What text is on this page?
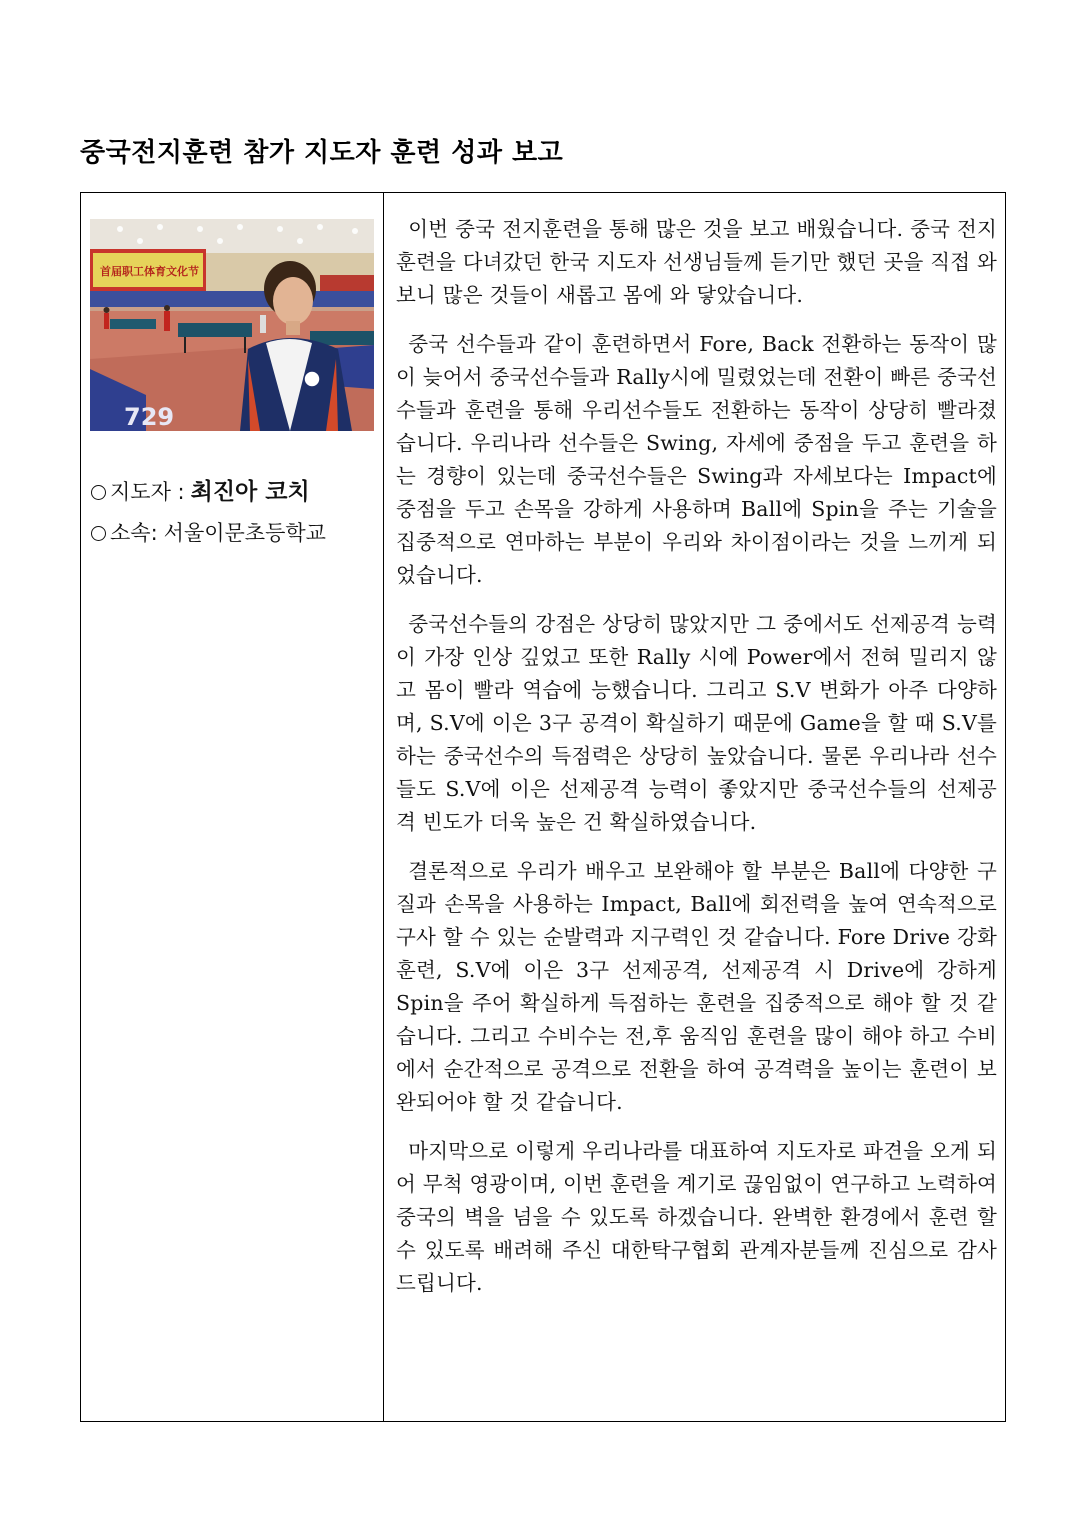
중국전지훈련 참가 지도자 훈련 성과 보고
首届职工体育文化节
729
지도자 : 최진아 코치
소속: 서울이문초등학교

이번 중국 전지훈련을 통해 많은 것을 보고 배웠습니다. 중국 전지훈련을 다녀갔던 한국 지도자 선생님들께 듣기만 했던 곳을 직접 와 보니 많은 것들이 새롭고 몸에 와 닿았습니다.

중국 선수들과 같이 훈련하면서 Fore, Back 전환하는 동작이 많이 늦어서 중국선수들과 Rally시에 밀렸었는데 전환이 빠른 중국선수들과 훈련을 통해 우리선수들도 전환하는 동작이 상당히 빨라졌습니다. 우리나라 선수들은 Swing, 자세에 중점을 두고 훈련을 하는 경향이 있는데 중국선수들은 Swing과 자세보다는 Impact에 중점을 두고 손목을 강하게 사용하며 Ball에 Spin을 주는 기술을 집중적으로 연마하는 부분이 우리와 차이점이라는 것을 느끼게 되었습니다.

중국선수들의 강점은 상당히 많았지만 그 중에서도 선제공격 능력이 가장 인상 깊었고 또한 Rally 시에 Power에서 전혀 밀리지 않고 몸이 빨라 역습에 능했습니다. 그리고 S.V 변화가 아주 다양하며, S.V에 이은 3구 공격이 확실하기 때문에 Game을 할 때 S.V를 하는 중국선수의 득점력은 상당히 높았습니다. 물론 우리나라 선수들도 S.V에 이은 선제공격 능력이 좋았지만 중국선수들의 선제공격 빈도가 더욱 높은 건 확실하였습니다.

결론적으로 우리가 배우고 보완해야 할 부분은 Ball에 다양한 구질과 손목을 사용하는 Impact, Ball에 회전력을 높여 연속적으로 구사 할 수 있는 순발력과 지구력인 것 같습니다. Fore Drive 강화훈련, S.V에 이은 3구 선제공격, 선제공격 시 Drive에 강하게 Spin을 주어 확실하게 득점하는 훈련을 집중적으로 해야 할 것 같습니다. 그리고 수비수는 전,후 움직임 훈련을 많이 해야 하고 수비에서 순간적으로 공격으로 전환을 하여 공격력을 높이는 훈련이 보완되어야 할 것 같습니다.

마지막으로 이렇게 우리나라를 대표하여 지도자로 파견을 오게 되어 무척 영광이며, 이번 훈련을 계기로 끊임없이 연구하고 노력하여 중국의 벽을 넘을 수 있도록 하겠습니다. 완벽한 환경에서 훈련 할 수 있도록 배려해 주신 대한탁구협회 관계자분들께 진심으로 감사드립니다.
